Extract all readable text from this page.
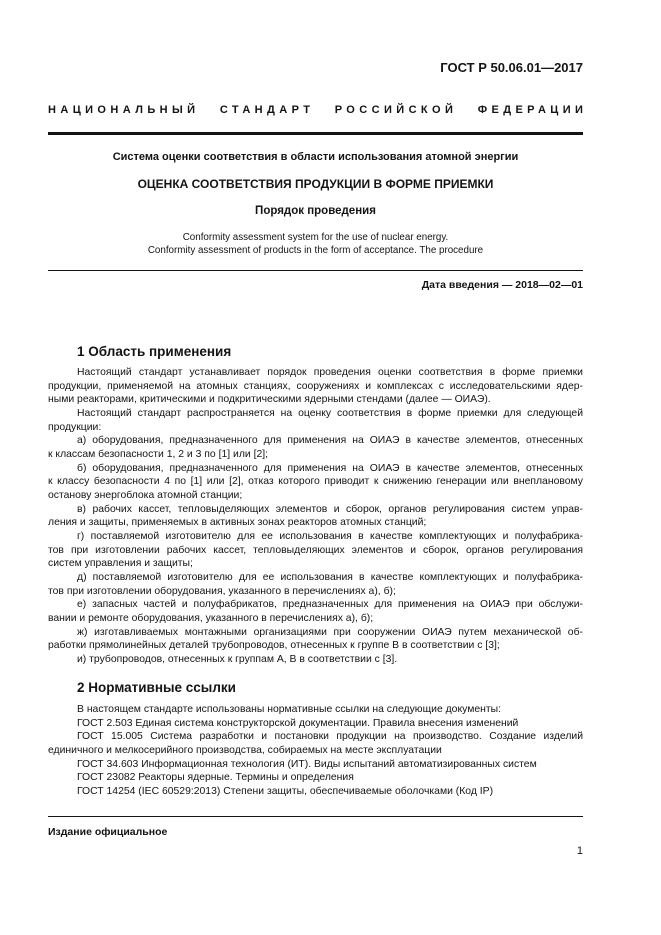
ГОСТ Р 50.06.01—2017
НАЦИОНАЛЬНЫЙ СТАНДАРТ РОССИЙСКОЙ ФЕДЕРАЦИИ
Система оценки соответствия в области использования атомной энергии
ОЦЕНКА СООТВЕТСТВИЯ ПРОДУКЦИИ В ФОРМЕ ПРИЕМКИ
Порядок проведения
Conformity assessment system for the use of nuclear energy.
Conformity assessment of products in the form of acceptance. The procedure
Дата введения — 2018—02—01
1 Область применения
Настоящий стандарт устанавливает порядок проведения оценки соответствия в форме приемки
продукции, применяемой на атомных станциях, сооружениях и комплексах с исследовательскими ядер-
ными реакторами, критическими и подкритическими ядерными стендами (далее — ОИАЭ).
Настоящий стандарт распространяется на оценку соответствия в форме приемки для следующей
продукции:
а) оборудования, предназначенного для применения на ОИАЭ в качестве элементов, отнесенных
к классам безопасности 1, 2 и 3 по [1] или [2];
б) оборудования, предназначенного для применения на ОИАЭ в качестве элементов, отнесенных
к классу безопасности 4 по [1] или [2], отказ которого приводит к снижению генерации или внеплановому
останову энергоблока атомной станции;
в) рабочих кассет, тепловыделяющих элементов и сборок, органов регулирования систем управ-
ления и защиты, применяемых в активных зонах реакторов атомных станций;
г) поставляемой изготовителю для ее использования в качестве комплектующих и полуфабрика-
тов при изготовлении рабочих кассет, тепловыделяющих элементов и сборок, органов регулирования
систем управления и защиты;
д) поставляемой изготовителю для ее использования в качестве комплектующих и полуфабрика-
тов при изготовлении оборудования, указанного в перечислениях а), б);
е) запасных частей и полуфабрикатов, предназначенных для применения на ОИАЭ при обслужи-
вании и ремонте оборудования, указанного в перечислениях а), б);
ж) изготавливаемых монтажными организациями при сооружении ОИАЭ путем механической об-
работки прямолинейных деталей трубопроводов, отнесенных к группе В в соответствии с [3];
и) трубопроводов, отнесенных к группам А, В в соответствии с [3].
2 Нормативные ссылки
В настоящем стандарте использованы нормативные ссылки на следующие документы:
ГОСТ 2.503 Единая система конструкторской документации. Правила внесения изменений
ГОСТ 15.005 Система разработки и постановки продукции на производство. Создание изделий
единичного и мелкосерийного производства, собираемых на месте эксплуатации
ГОСТ 34.603 Информационная технология (ИТ). Виды испытаний автоматизированных систем
ГОСТ 23082 Реакторы ядерные. Термины и определения
ГОСТ 14254 (IEC 60529:2013) Степени защиты, обеспечиваемые оболочками (Код IP)
Издание официальное
1
